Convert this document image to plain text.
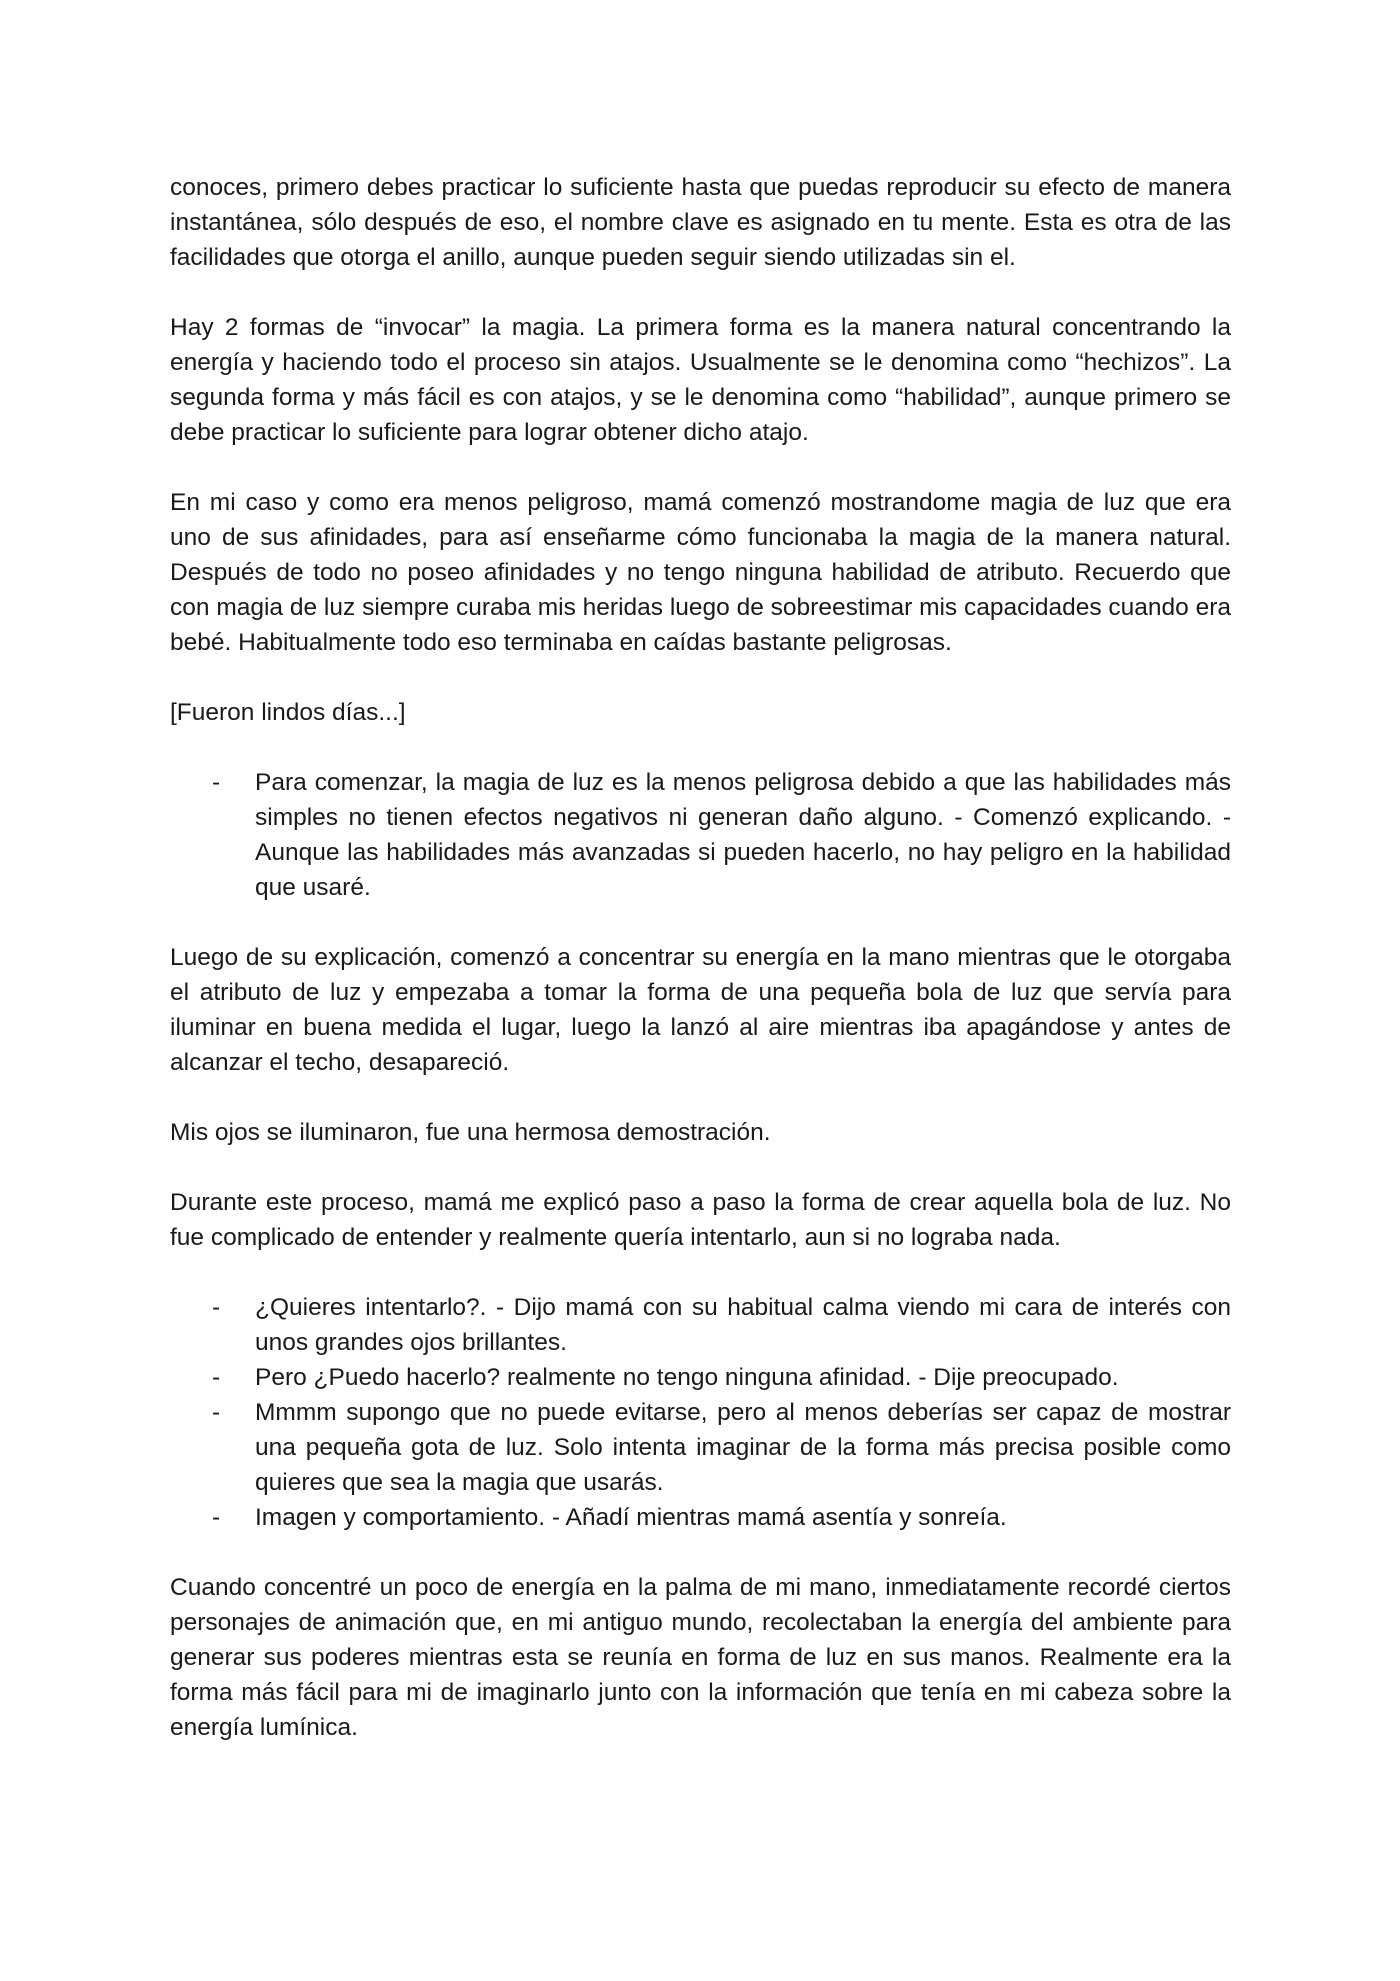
conoces, primero debes practicar lo suficiente hasta que puedas reproducir su efecto de manera instantánea, sólo después de eso, el nombre clave es asignado en tu mente. Esta es otra de las facilidades que otorga el anillo, aunque pueden seguir siendo utilizadas sin el.

Hay 2 formas de “invocar” la magia. La primera forma es la manera natural concentrando la energía y haciendo todo el proceso sin atajos. Usualmente se le denomina como “hechizos”. La segunda forma y más fácil es con atajos, y se le denomina como “habilidad”, aunque primero se debe practicar lo suficiente para lograr obtener dicho atajo.

En mi caso y como era menos peligroso, mamá comenzó mostrandome magia de luz que era uno de sus afinidades, para así enseñarme cómo funcionaba la magia de la manera natural. Después de todo no poseo afinidades y no tengo ninguna habilidad de atributo. Recuerdo que con magia de luz siempre curaba mis heridas luego de sobreestimar mis capacidades cuando era bebé. Habitualmente todo eso terminaba en caídas bastante peligrosas.

[Fueron lindos días...]

- Para comenzar, la magia de luz es la menos peligrosa debido a que las habilidades más simples no tienen efectos negativos ni generan daño alguno. - Comenzó explicando. - Aunque las habilidades más avanzadas si pueden hacerlo, no hay peligro en la habilidad que usaré.

Luego de su explicación, comenzó a concentrar su energía en la mano mientras que le otorgaba el atributo de luz y empezaba a tomar la forma de una pequeña bola de luz que servía para iluminar en buena medida el lugar, luego la lanzó al aire mientras iba apagándose y antes de alcanzar el techo, desapareció.

Mis ojos se iluminaron, fue una hermosa demostración.

Durante este proceso, mamá me explicó paso a paso la forma de crear aquella bola de luz. No fue complicado de entender y realmente quería intentarlo, aun si no lograba nada.

- ¿Quieres intentarlo?. - Dijo mamá con su habitual calma viendo mi cara de interés con unos grandes ojos brillantes.
- Pero ¿Puedo hacerlo? realmente no tengo ninguna afinidad. - Dije preocupado.
- Mmmm supongo que no puede evitarse, pero al menos deberías ser capaz de mostrar una pequeña gota de luz. Solo intenta imaginar de la forma más precisa posible como quieres que sea la magia que usarás.
- Imagen y comportamiento. - Añadí mientras mamá asentía y sonreía.

Cuando concentré un poco de energía en la palma de mi mano, inmediatamente recordé ciertos personajes de animación que, en mi antiguo mundo, recolectaban la energía del ambiente para generar sus poderes mientras esta se reunía en forma de luz en sus manos. Realmente era la forma más fácil para mi de imaginarlo junto con la información que tenía en mi cabeza sobre la energía lumínica.
